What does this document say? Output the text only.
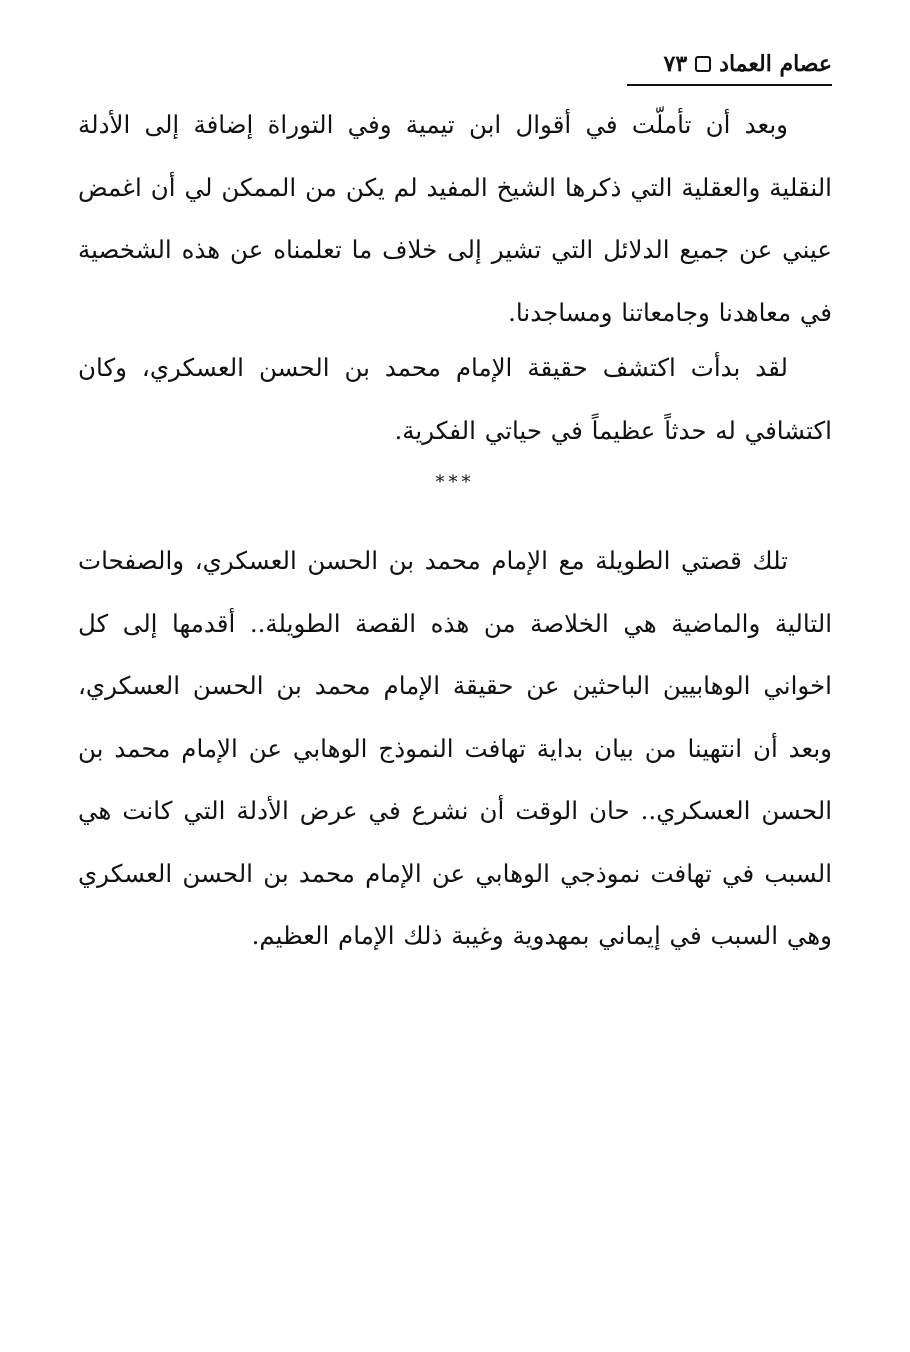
عصام العماد
٧٣

وبعد أن تأملّت في أقوال ابن تيمية وفي التوراة إضافة إلى الأدلة النقلية والعقلية التي ذكرها الشيخ المفيد لم يكن من الممكن لي أن اغمض عيني عن جميع الدلائل التي تشير إلى خلاف ما تعلمناه عن هذه الشخصية في معاهدنا وجامعاتنا ومساجدنا.

لقد بدأت اكتشف حقيقة الإمام محمد بن الحسن العسكري، وكان اكتشافي له حدثاً عظيماً في حياتي الفكرية.

***

تلك قصتي الطويلة مع الإمام محمد بن الحسن العسكري، والصفحات التالية والماضية هي الخلاصة من هذه القصة الطويلة.. أقدمها إلى كل اخواني الوهابيين الباحثين عن حقيقة الإمام محمد بن الحسن العسكري، وبعد أن انتهينا من بيان بداية تهافت النموذج الوهابي عن الإمام محمد بن الحسن العسكري.. حان الوقت أن نشرع في عرض الأدلة التي كانت هي السبب في تهافت نموذجي الوهابي عن الإمام محمد بن الحسن العسكري وهي السبب في إيماني بمهدوية وغيبة ذلك الإمام العظيم.
